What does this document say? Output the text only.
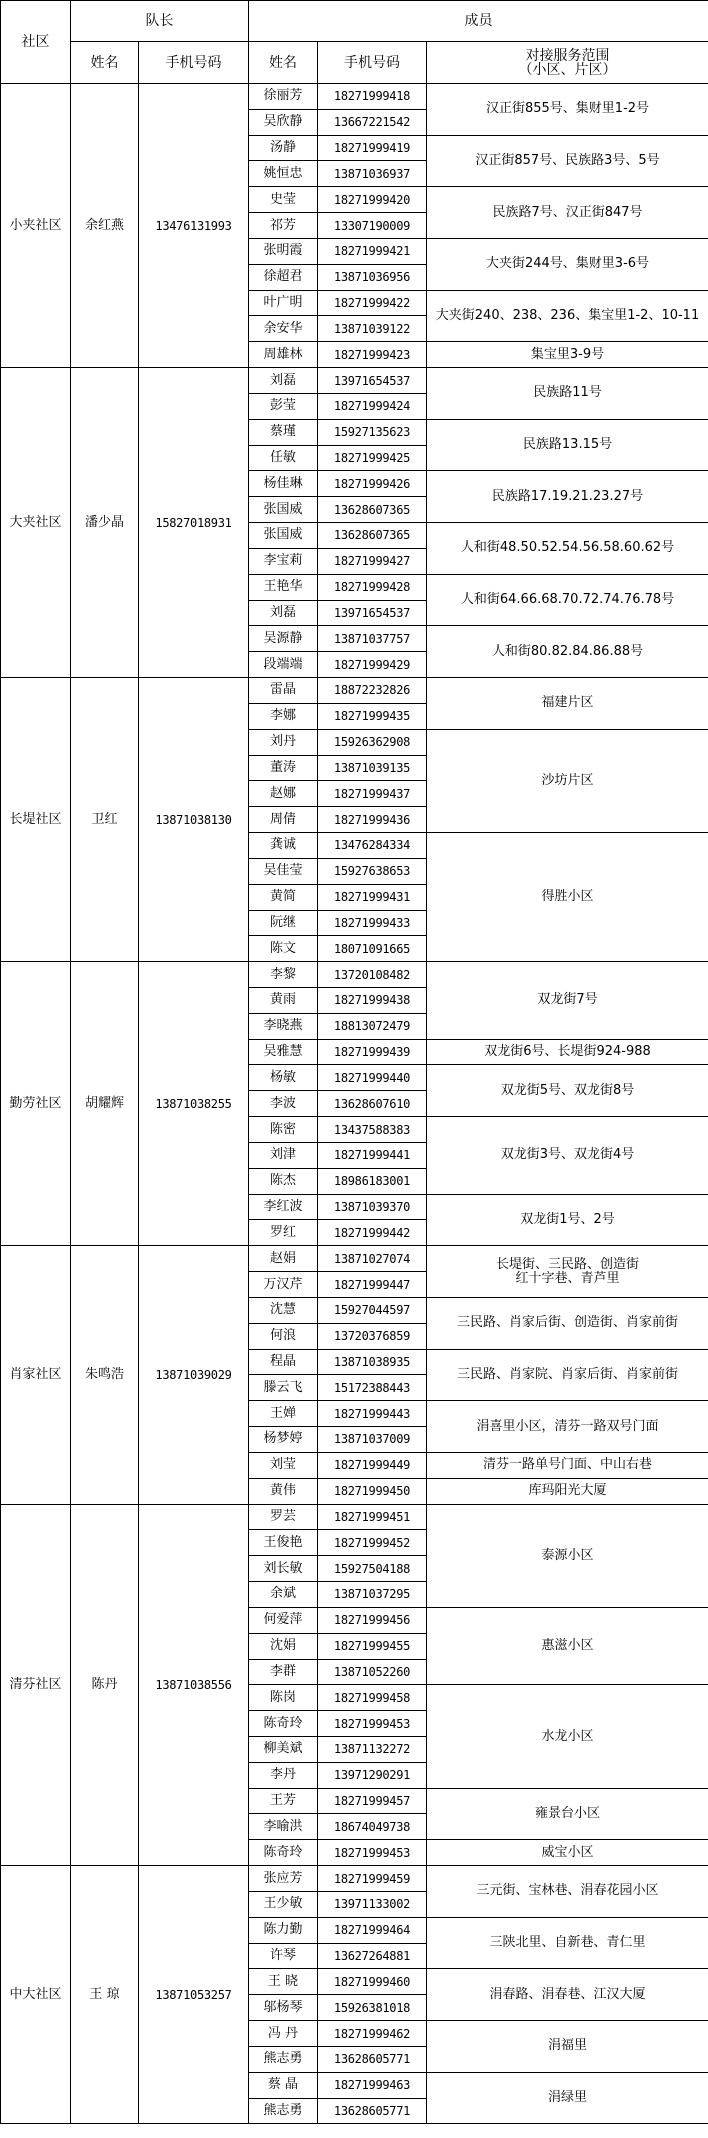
社区	队长		成员		
	姓名	手机号码	姓名	手机号码	对接服务范围
（小区、片区）

小夹社区	余红燕	13476131993	徐丽芳	18271999418	汉正街855号、集财里1-2号

			吴欣静	13667221542	
			汤静	18271999419	汉正街857号、民族路3号、5号

			姚恒忠	13871036937	
			史莹	18271999420	民族路7号、汉正街847号

			祁芳	13307190009	
			张明霞	18271999421	大夹街244号、集财里3-6号

			徐超君	13871036956	
			叶广明	18271999422	大夹街240、238、236、集宝里1-2、10-11

			余安华	13871039122	
			周雄林	18271999423	集宝里3-9号

大夹社区	潘少晶	15827018931	刘磊	13971654537	民族路11号

			彭莹	18271999424	
			蔡瑾	15927135623	民族路13.15号

			任敏	18271999425	
			杨佳琳	18271999426	民族路17.19.21.23.27号

			张国威	13628607365	
			张国威	13628607365	人和街48.50.52.54.56.58.60.62号

			李宝莉	18271999427	
			王艳华	18271999428	人和街64.66.68.70.72.74.76.78号

			刘磊	13971654537	
			吴源静	13871037757	人和街80.82.84.86.88号

			段端端	18271999429	
长堤社区	卫红	13871038130	雷晶	18872232826	福建片区

			李娜	18271999435	
			刘丹	15926362908	沙坊片区

			董涛	13871039135	
			赵娜	18271999437	
			周倩	18271999436	
			龚诚	13476284334	得胜小区

			吴佳莹	15927638653	
			黄简	18271999431	
			阮继	18271999433	
			陈文	18071091665	
勤劳社区	胡耀辉	13871038255	李黎	13720108482	双龙街7号

			黄雨	18271999438	
			李晓燕	18813072479	
			吴雅慧	18271999439	双龙街6号、长堤街924-988

			杨敏	18271999440	双龙街5号、双龙街8号

			李波	13628607610	
			陈密	13437588383	双龙街3号、双龙街4号

			刘津	18271999441	
			陈杰	18986183001	
			李红波	13871039370	双龙街1号、2号

			罗红	18271999442	
肖家社区	朱鸣浩	13871039029	赵娟	13871027074	长堤街、三民路、创造街
红十字巷、青芦里

			万汉芹	18271999447	
			沈慧	15927044597	三民路、肖家后街、创造街、肖家前街

			何浪	13720376859	
			程晶	13871038935	三民路、肖家院、肖家后街、肖家前街

			滕云飞	15172388443	
			王婵	18271999443	涓喜里小区，清芬一路双号门面

			杨梦婷	13871037009	
			刘莹	18271999449	清芬一路单号门面、中山右巷

			黄伟	18271999450	库玛阳光大厦

清芬社区	陈丹	13871038556	罗芸	18271999451	泰源小区

			王俊艳	18271999452	
			刘长敏	15927504188	
			余斌	13871037295	
			何爱萍	18271999456	惠滋小区

			沈娟	18271999455	
			李群	13871052260	
			陈岗	18271999458	水龙小区

			陈奇玲	18271999453	
			柳美斌	13871132272	
			李丹	13971290291	
			王芳	18271999457	雍景台小区

			李喻洪	18674049738	
			陈奇玲	18271999453	威宝小区

中大社区	王 琼	13871053257	张应芳	18271999459	三元街、宝林巷、涓春花园小区

			王少敏	13971133002	
			陈力勤	18271999464	三陕北里、自新巷、青仁里

			许琴	13627264881	
			王 晓	18271999460	涓春路、涓春巷、江汉大厦

			邬杨琴	15926381018	
			冯 丹	18271999462	涓福里

			熊志勇	13628605771	
			蔡 晶	18271999463	涓绿里

			熊志勇	13628605771	
